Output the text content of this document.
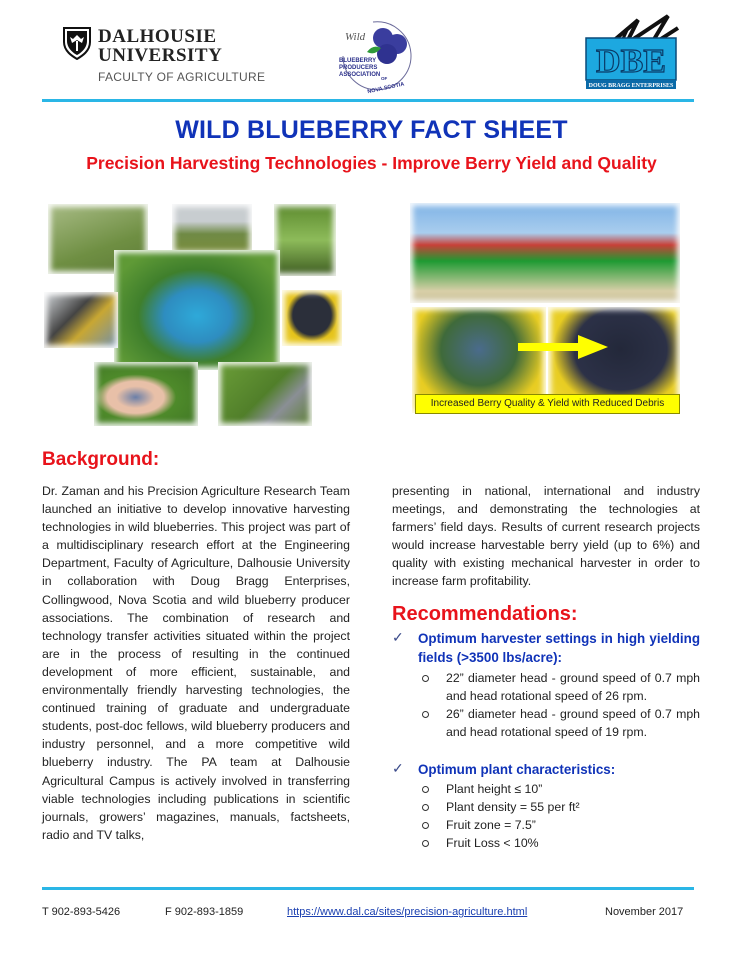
DALHOUSIE
UNIVERSITY
FACULTY OF AGRICULTURE
Wild
BLUEBERRY
PRODUCERS
ASSOCIATION
OF
NOVA SCOTIA
DBE
DOUG BRAGG ENTERPRISES
WILD BLUEBERRY FACT SHEET
Precision Harvesting Technologies - Improve Berry Yield and Quality
Increased Berry Quality & Yield with Reduced Debris
Background:
Dr. Zaman and his Precision Agriculture Research Team launched an initiative to develop innovative harvesting technologies in wild blueberries. This project was part of a multidisciplinary research effort at the Engineering Department, Faculty of Agriculture, Dalhousie University in collaboration with Doug Bragg Enterprises, Collingwood, Nova Scotia and wild blueberry producer associations. The combination of research and technology transfer activities situated within the project are in the process of resulting in the continued development of more efficient, sustainable, and environmentally friendly harvesting technologies, the continued training of graduate and undergraduate students, post-doc fellows, wild blueberry producers and industry personnel, and a more competitive wild blueberry industry. The PA team at Dalhousie Agricultural Campus is actively involved in transferring viable technologies including publications in scientific journals, growers’ magazines, manuals, factsheets, radio and TV talks,
presenting in national, international and industry meetings, and demonstrating the technologies at farmers’ field days. Results of current research projects would increase harvestable berry yield (up to 6%) and quality with existing mechanical harvester in order to increase farm profitability.
Recommendations:
✓ Optimum harvester settings in high yielding fields (>3500 lbs/acre):
22” diameter head - ground speed of 0.7 mph and head rotational speed of 26 rpm.
26” diameter head - ground speed of 0.7 mph and head rotational speed of 19 rpm.
✓ Optimum plant characteristics:
Plant height ≤ 10”
Plant density = 55 per ft²
Fruit zone = 7.5”
Fruit Loss < 10%
T 902-893-5426	F 902-893-1859	https://www.dal.ca/sites/precision-agriculture.html	November 2017
